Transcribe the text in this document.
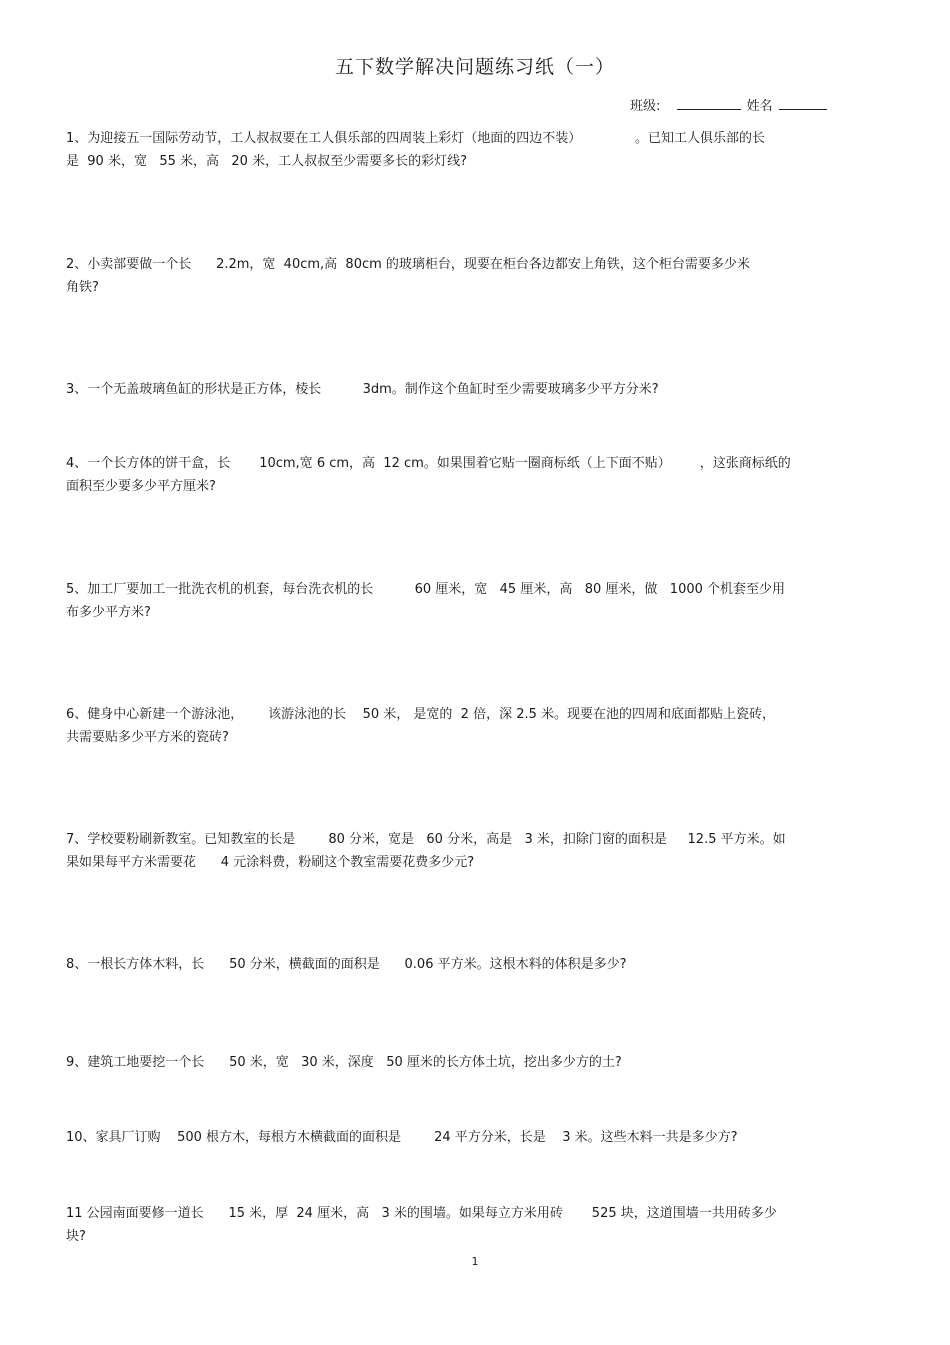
五下数学解决问题练习纸（一）
班级:	姓名
1、为迎接五一国际劳动节，工人叔叔要在工人俱乐部的四周装上彩灯（地面的四边不装）             。已知工人俱乐部的长
是  90 米，宽   55 米，高   20 米，工人叔叔至少需要多长的彩灯线?
2、小卖部要做一个长      2.2m，宽  40cm,高  80cm 的玻璃柜台，现要在柜台各边都安上角铁，这个柜台需要多少米
角铁?
3、一个无盖玻璃鱼缸的形状是正方体，棱长          3dm。制作这个鱼缸时至少需要玻璃多少平方分米?
4、一个长方体的饼干盒，长       10cm,宽 6 cm，高  12 cm。如果围着它贴一圈商标纸（上下面不贴）       ，这张商标纸的
面积至少要多少平方厘米?
5、加工厂要加工一批洗衣机的机套，每台洗衣机的长          60 厘米，宽   45 厘米，高   80 厘米，做   1000 个机套至少用
布多少平方米?
6、健身中心新建一个游泳池，      该游泳池的长    50 米， 是宽的  2 倍，深 2.5 米。现要在池的四周和底面都贴上瓷砖，
共需要贴多少平方米的瓷砖?
7、学校要粉刷新教室。已知教室的长是        80 分米，宽是   60 分米，高是   3 米，扣除门窗的面积是     12.5 平方米。如
果如果每平方米需要花      4 元涂料费，粉刷这个教室需要花费多少元?
8、一根长方体木料，长      50 分米，横截面的面积是      0.06 平方米。这根木料的体积是多少?
9、建筑工地要挖一个长      50 米，宽   30 米，深度   50 厘米的长方体土坑，挖出多少方的土?
10、家具厂订购    500 根方木，每根方木横截面的面积是        24 平方分米，长是    3 米。这些木料一共是多少方?
11 公园南面要修一道长      15 米，厚  24 厘米，高   3 米的围墙。如果每立方米用砖       525 块，这道围墙一共用砖多少
块?
1
